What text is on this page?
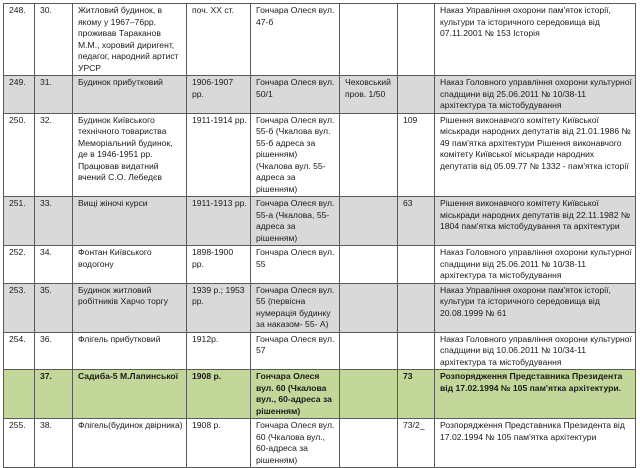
248.	30.	Житловий будинок, в якому у 1967–76рр. проживав Тараканов М.М., хоровий диригент, педагог, народний артист УРСР	поч. XX ст.	Гончара Олеся вул. 47-б			Наказ Управління охорони пам'яток історії, культури та історичного середовища від 07.11.2001 № 153 Історія
249.	31.	Будинок прибутковий	1906-1907 рр.	Гончара Олеся вул. 50/1	Чеховський пров. 1/50		Наказ Головного управління охорони культурної спадщини від 25.06.2011 № 10/38-11 архітектура та містобудування
250.	32.	Будинок Київського технічного товариства Меморіальний будинок, де в 1946-1951 рр. Працював видатний вчений С.О. Лебедєв	1911-1914 рр.	Гончара Олеся вул. 55-б (Чкалова вул. 55-б адреса за рішенням) (Чкалова вул. 55-адреса за рішенням)		109	Рішення виконавчого комітету Київської міськради народних депутатів від 21.01.1986 № 49 пам'ятка архітектури Рішення виконавчого комітету Київської міськради народних депутатів від 05.09.77 № 1332 - пам'ятка історії
251.	33.	Вищі жіночі курси	1911-1913 рр.	Гончара Олеся вул. 55-а (Чкалова, 55-адреса за рішенням)		63	Рішення виконавчого комітету Київської міськради народних депутатів від 22.11.1982 № 1804 пам'ятка містобудування та архітектури
252.	34.	Фонтан Київського водогону	1898-1900 рр.	Гончара Олеся вул. 55			Наказ Головного управління охорони культурної спадщини від 25.06.2011 № 10/38-11 архітектура та містобудування
253.	35.	Будинок житловий робітників Харчо торгу	1939 р.; 1953 рр.	Гончара Олеся вул. 55 (первісна нумерація будинку за наказом- 55- А)			Наказ Управління охорони пам'яток історії, культури та історичного середовища від 20.08.1999 № 61
254.	36.	Флігель прибутковий	1912р.	Гончара Олеся вул. 57			Наказ Головного управління охорони культурної спадщини від 10.06.2011 № 10/34-11 архітектура та містобудування
	37.	Садиба-5 М.Лапинської	1908 р.	Гончара Олеся вул. 60 (Чкалова вул., 60-адреса за рішенням)		73	Розпорядження Представника Президента від 17.02.1994 № 105 пам'ятка архітектури.
255.	38.	Флігель(будинок двірника)	1908 р.	Гончара Олеся вул. 60 (Чкалова вул., 60-адреса за рішенням)		73/2_	Розпорядження Представника Президента від 17.02.1994 № 105 пам'ятка архітектури
